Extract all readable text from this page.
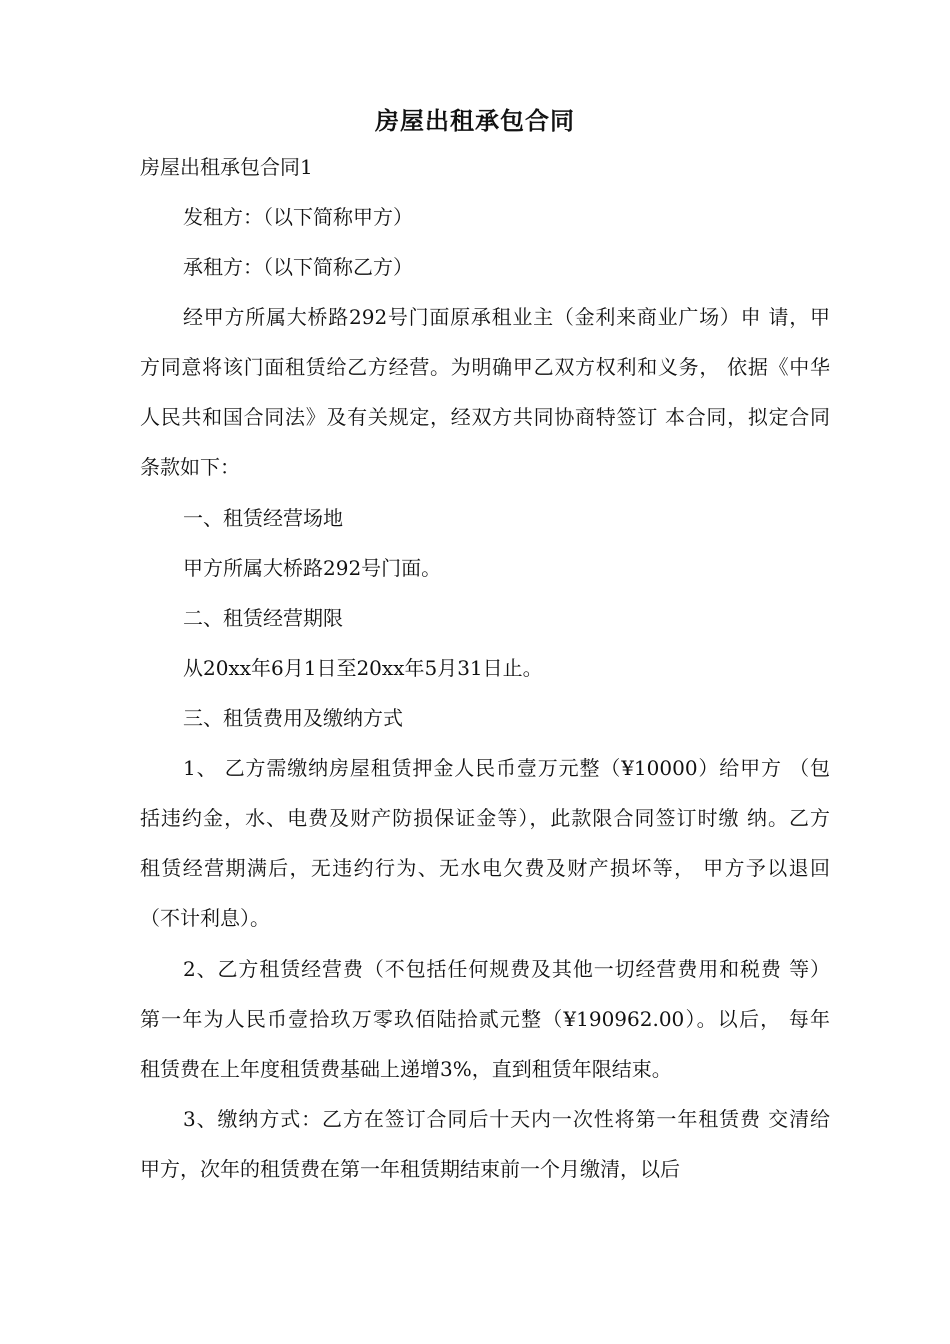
房屋出租承包合同

房屋出租承包合同1

发租方：（以下简称甲方）

承租方：（以下简称乙方）

经甲方所属大桥路292号门面原承租业主（金利来商业广场）申 请，甲

方同意将该门面租赁给乙方经营。为明确甲乙双方权利和义务， 依据《中华

人民共和国合同法》及有关规定，经双方共同协商特签订 本合同，拟定合同

条款如下：

一、租赁经营场地

甲方所属大桥路292号门面。

二、租赁经营期限

从20xx年6月1日至20xx年5月31日止。

三、租赁费用及缴纳方式

1、 乙方需缴纳房屋租赁押金人民币壹万元整（¥10000）给甲方 （包

括违约金，水、电费及财产防损保证金等），此款限合同签订时缴 纳。乙方

租赁经营期满后，无违约行为、无水电欠费及财产损坏等， 甲方予以退回

（不计利息）。

2、乙方租赁经营费（不包括任何规费及其他一切经营费用和税费 等）

第一年为人民币壹拾玖万零玖佰陆拾贰元整（¥190962.00）。以后， 每年

租赁费在上年度租赁费基础上递增3%，直到租赁年限结束。

3、缴纳方式：乙方在签订合同后十天内一次性将第一年租赁费 交清给

甲方，次年的租赁费在第一年租赁期结束前一个月缴清，以后
